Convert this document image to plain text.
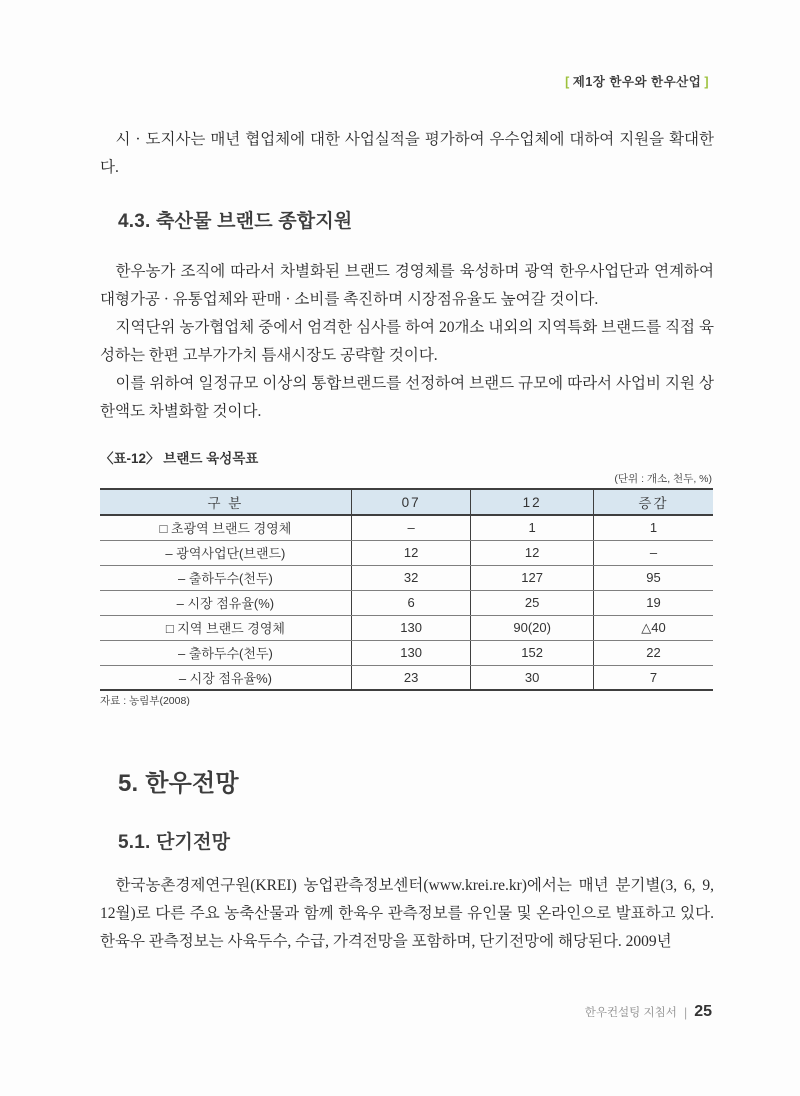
[ 제1장 한우와 한우산업 ]

시 · 도지사는 매년 협업체에 대한 사업실적을 평가하여 우수업체에 대하여 지원을 확대한다.

4.3. 축산물 브랜드 종합지원

한우농가 조직에 따라서 차별화된 브랜드 경영체를 육성하며 광역 한우사업단과 연계하여 대형가공 · 유통업체와 판매 · 소비를 촉진하며 시장점유율도 높여갈 것이다.

지역단위 농가협업체 중에서 엄격한 심사를 하여 20개소 내외의 지역특화 브랜드를 직접 육성하는 한편 고부가가치 틈새시장도 공략할 것이다.

이를 위하여 일정규모 이상의 통합브랜드를 선정하여 브랜드 규모에 따라서 사업비 지원 상한액도 차별화할 것이다.

〈표-12〉 브랜드 육성목표
(단위 : 개소, 천두, %)
구 분	07	12	증감
□ 초광역 브랜드 경영체	–	1	1
– 광역사업단(브랜드)	12	12	–
– 출하두수(천두)	32	127	95
– 시장 점유율(%)	6	25	19
□ 지역 브랜드 경영체	130	90(20)	△40
– 출하두수(천두)	130	152	22
– 시장 점유율%)	23	30	7
자료 : 농림부(2008)
5. 한우전망
5.1. 단기전망

한국농촌경제연구원(KREI) 농업관측정보센터(www.krei.re.kr)에서는 매년 분기별(3, 6, 9, 12월)로 다른 주요 농축산물과 함께 한육우 관측정보를 유인물 및 온라인으로 발표하고 있다. 한육우 관측정보는 사육두수, 수급, 가격전망을 포함하며, 단기전망에 해당된다. 2009년

한우컨설팅 지침서 | 25
